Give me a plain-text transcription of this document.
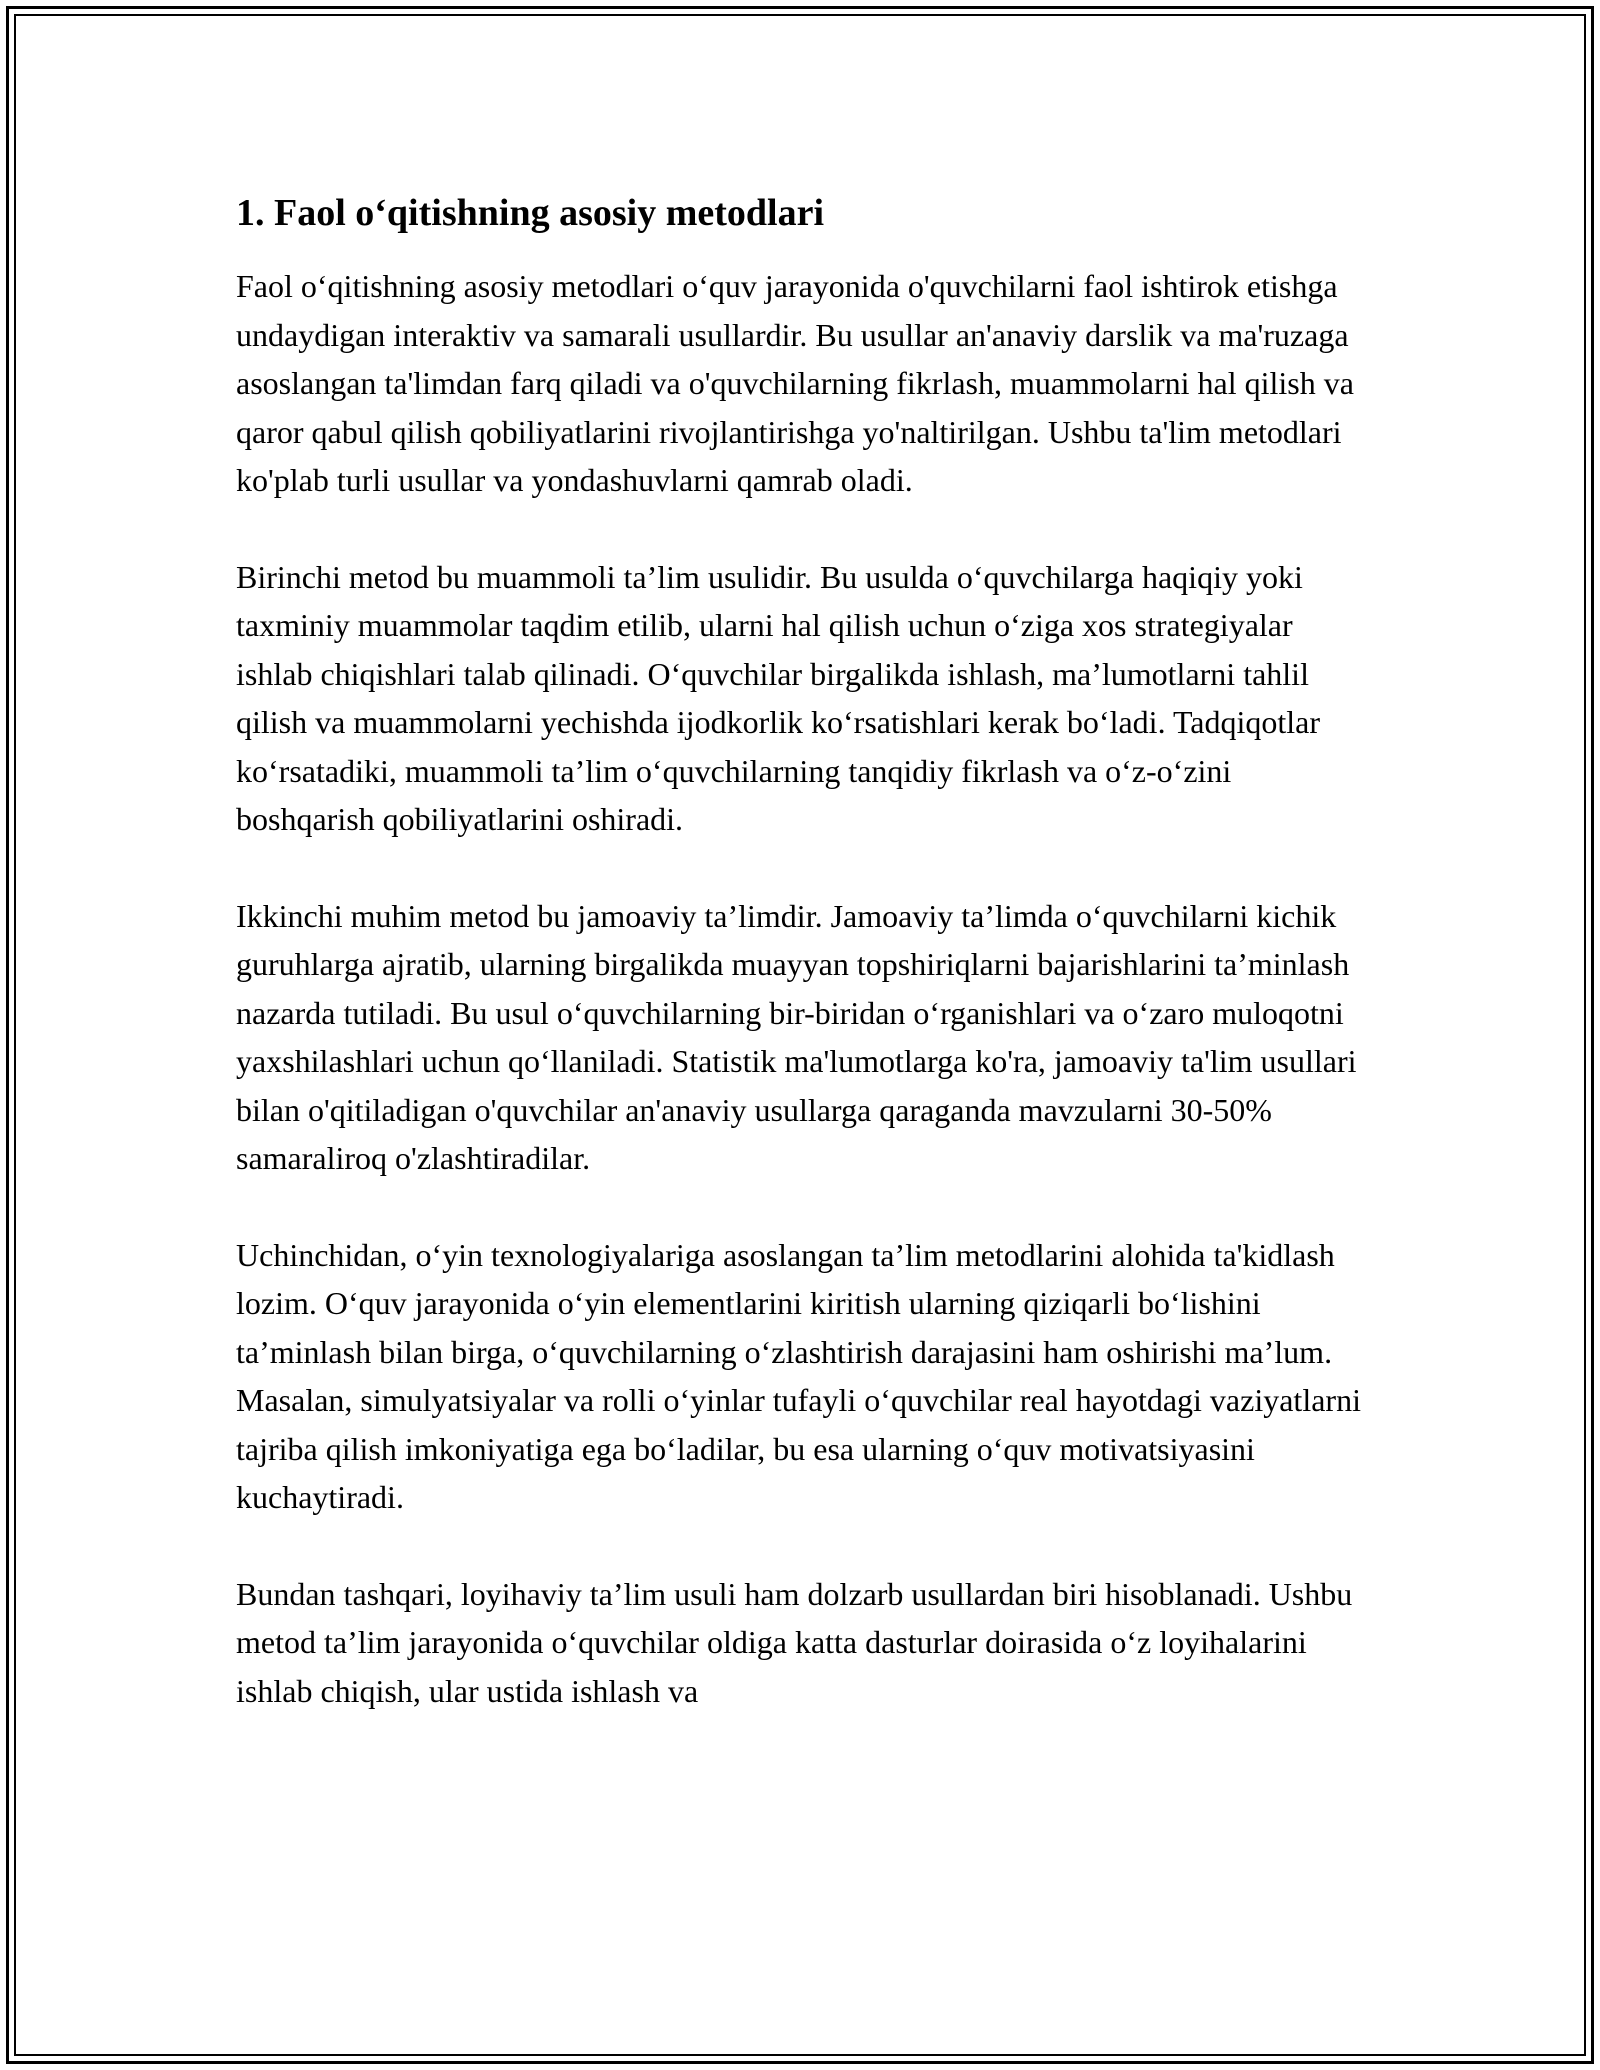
1. Faol o‘qitishning asosiy metodlari

Faol o‘qitishning asosiy metodlari o‘quv jarayonida o'quvchilarni faol ishtirok etishga undaydigan interaktiv va samarali usullardir. Bu usullar an'anaviy darslik va ma'ruzaga asoslangan ta'limdan farq qiladi va o'quvchilarning fikrlash, muammolarni hal qilish va qaror qabul qilish qobiliyatlarini rivojlantirishga yo'naltirilgan. Ushbu ta'lim metodlari ko'plab turli usullar va yondashuvlarni qamrab oladi.

Birinchi metod bu muammoli ta’lim usulidir. Bu usulda o‘quvchilarga haqiqiy yoki taxminiy muammolar taqdim etilib, ularni hal qilish uchun o‘ziga xos strategiyalar ishlab chiqishlari talab qilinadi. O‘quvchilar birgalikda ishlash, ma’lumotlarni tahlil qilish va muammolarni yechishda ijodkorlik ko‘rsatishlari kerak bo‘ladi. Tadqiqotlar ko‘rsatadiki, muammoli ta’lim o‘quvchilarning tanqidiy fikrlash va o‘z-o‘zini boshqarish qobiliyatlarini oshiradi.

Ikkinchi muhim metod bu jamoaviy ta’limdir. Jamoaviy ta’limda o‘quvchilarni kichik guruhlarga ajratib, ularning birgalikda muayyan topshiriqlarni bajarishlarini ta’minlash nazarda tutiladi. Bu usul o‘quvchilarning bir-biridan o‘rganishlari va o‘zaro muloqotni yaxshilashlari uchun qo‘llaniladi. Statistik ma'lumotlarga ko'ra, jamoaviy ta'lim usullari bilan o'qitiladigan o'quvchilar an'anaviy usullarga qaraganda mavzularni 30-50% samaraliroq o'zlashtiradilar.

Uchinchidan, o‘yin texnologiyalariga asoslangan ta’lim metodlarini alohida ta'kidlash lozim. O‘quv jarayonida o‘yin elementlarini kiritish ularning qiziqarli bo‘lishini ta’minlash bilan birga, o‘quvchilarning o‘zlashtirish darajasini ham oshirishi ma’lum. Masalan, simulyatsiyalar va rolli o‘yinlar tufayli o‘quvchilar real hayotdagi vaziyatlarni tajriba qilish imkoniyatiga ega bo‘ladilar, bu esa ularning o‘quv motivatsiyasini kuchaytiradi.

Bundan tashqari, loyihaviy ta’lim usuli ham dolzarb usullardan biri hisoblanadi. Ushbu metod ta’lim jarayonida o‘quvchilar oldiga katta dasturlar doirasida o‘z loyihalarini ishlab chiqish, ular ustida ishlash va
